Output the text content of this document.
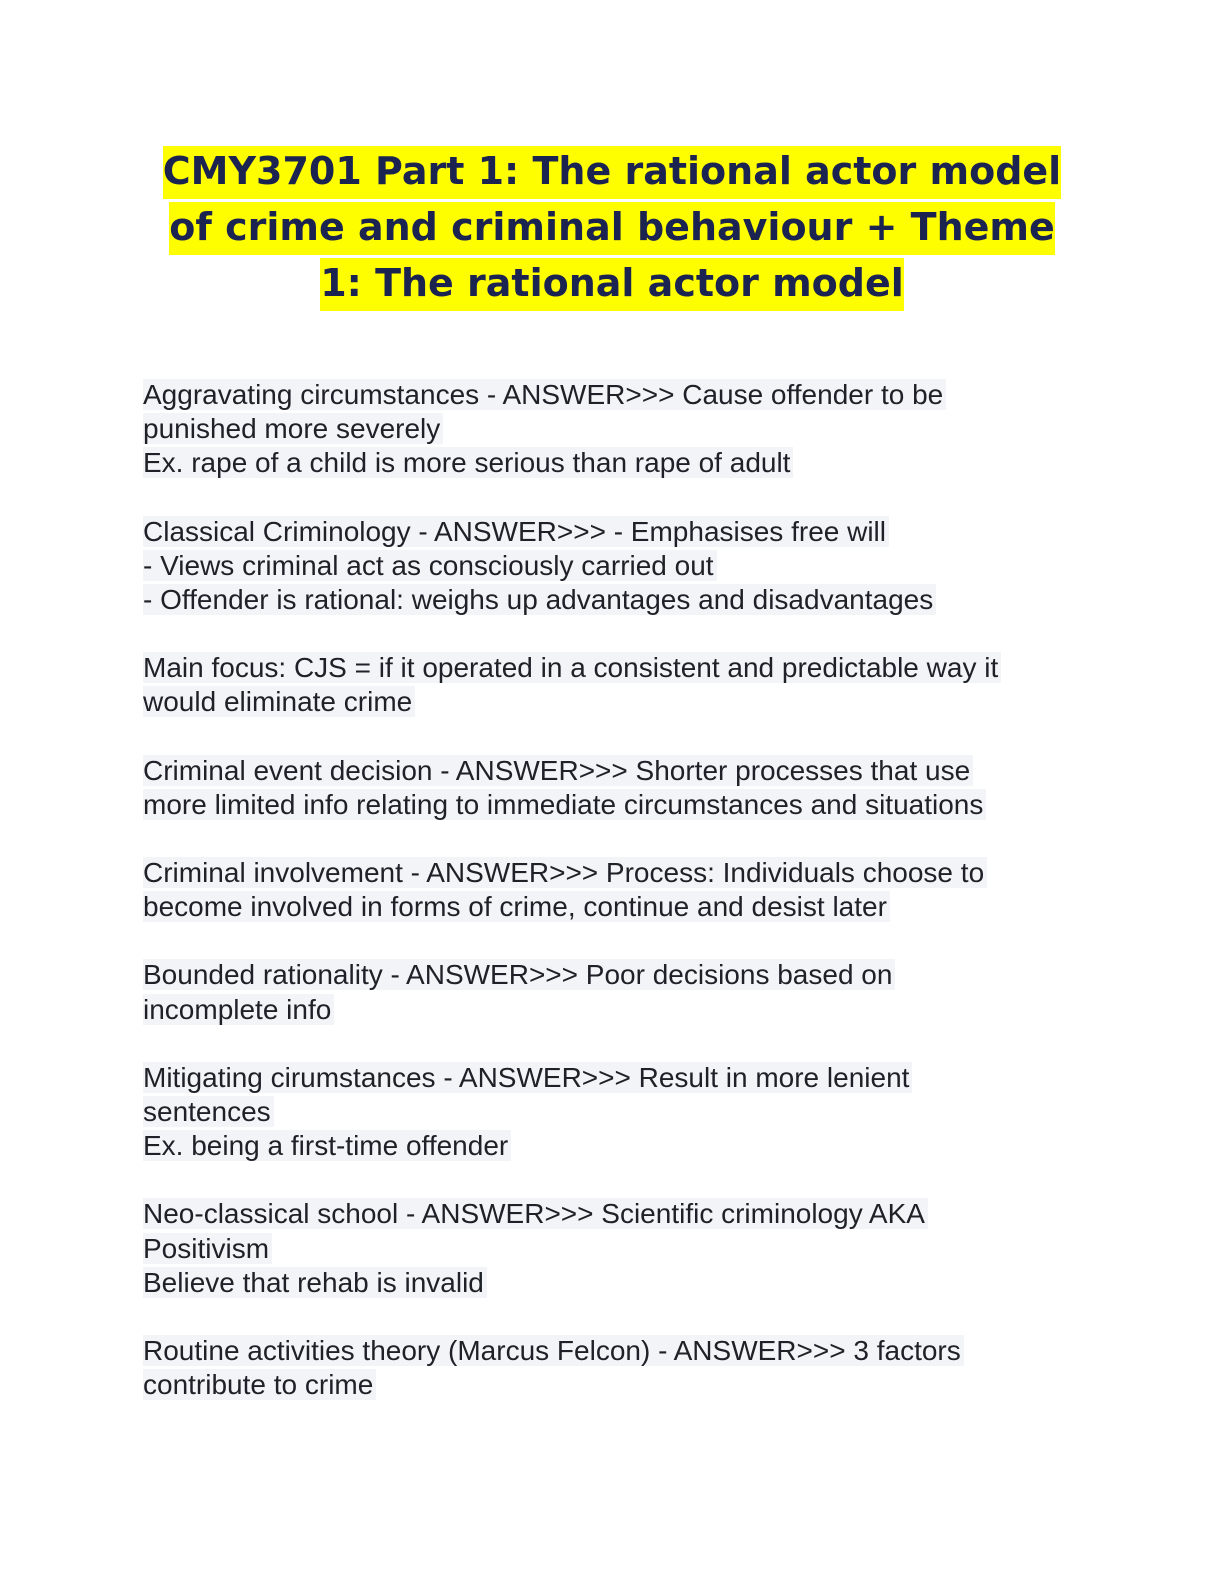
CMY3701 Part 1: The rational actor model
of crime and criminal behaviour + Theme
1: The rational actor model
Aggravating circumstances - ANSWER>>> Cause offender to be
punished more severely
Ex. rape of a child is more serious than rape of adult
Classical Criminology - ANSWER>>> - Emphasises free will
- Views criminal act as consciously carried out
- Offender is rational: weighs up advantages and disadvantages
Main focus: CJS = if it operated in a consistent and predictable way it
would eliminate crime
Criminal event decision - ANSWER>>> Shorter processes that use
more limited info relating to immediate circumstances and situations
Criminal involvement - ANSWER>>> Process: Individuals choose to
become involved in forms of crime, continue and desist later
Bounded rationality - ANSWER>>> Poor decisions based on
incomplete info
Mitigating cirumstances - ANSWER>>> Result in more lenient
sentences
Ex. being a first-time offender
Neo-classical school - ANSWER>>> Scientific criminology AKA
Positivism
Believe that rehab is invalid
Routine activities theory (Marcus Felcon) - ANSWER>>> 3 factors
contribute to crime
